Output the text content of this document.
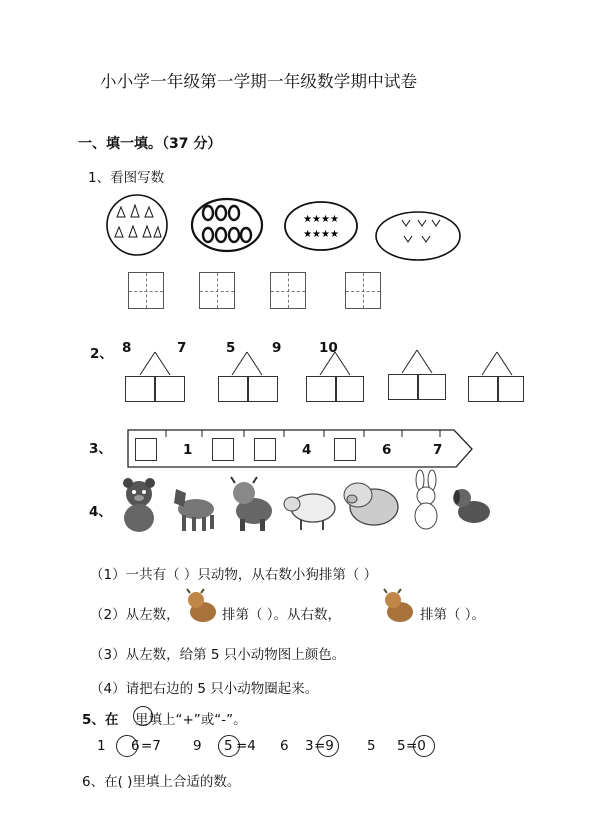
小小学一年级第一学期一年级数学期中试卷
一、填一填。（37 分）
1、看图写数
★★★★
★★★★
2、 8	7	5	9	10
3、	1	4	6	7
4、
（1）一共有（ ）只动物，从右数小狗排第（ ）
（2）从左数，	排第（ ）。从右数，	排第（ ）。
（3）从左数，给第 5 只小动物图上颜色。
（4）请把右边的 5 只小动物圈起来。
5、在 里填上“+”或“-”。
1 6 =7 9 5 =4 6 3 =9 5 5 =0
6、在( )里填上合适的数。
